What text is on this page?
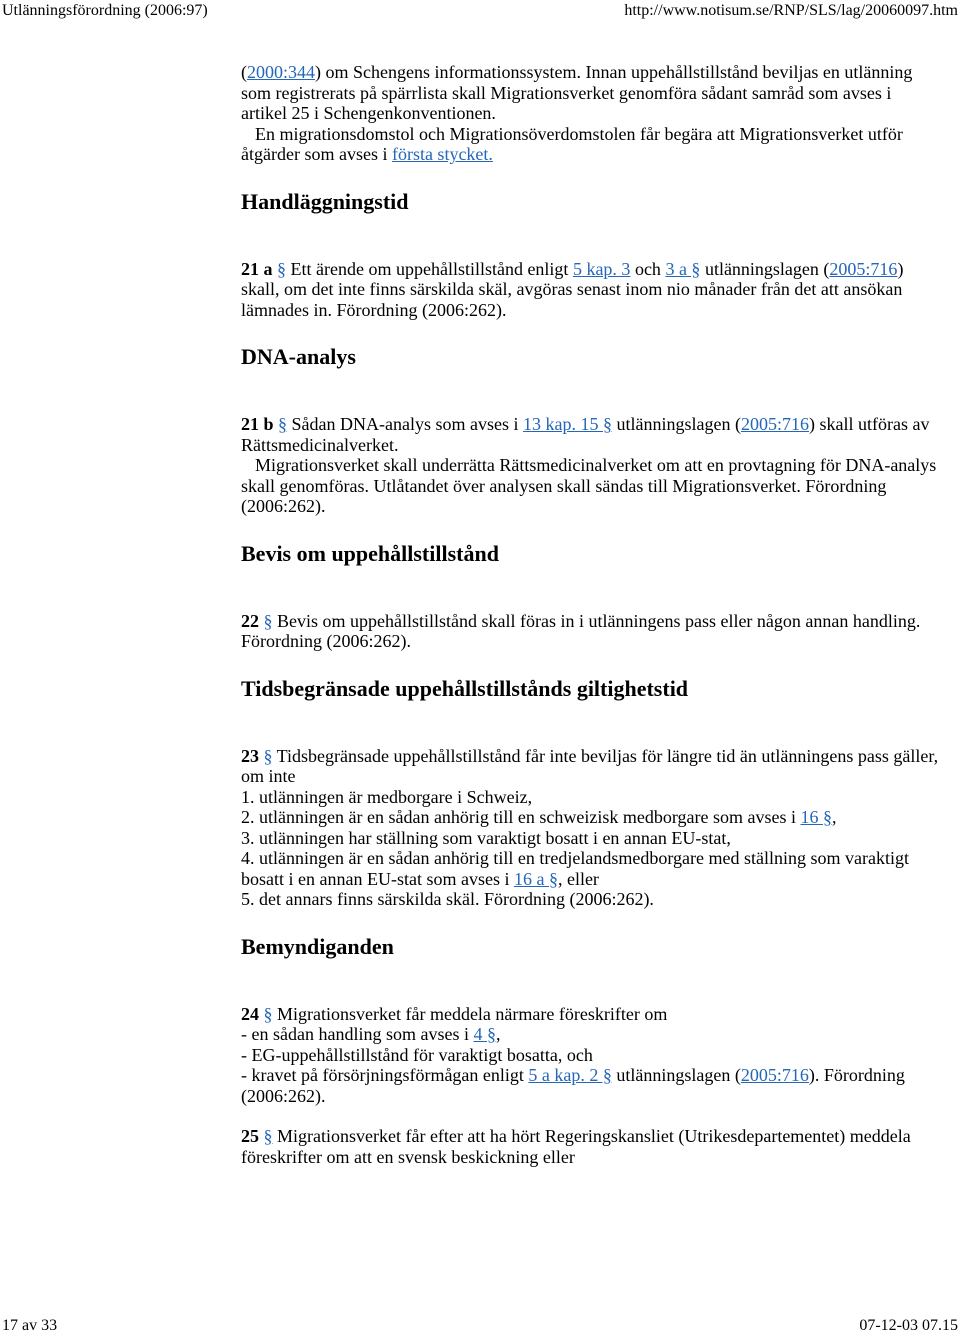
Utlänningsförordning (2006:97)	http://www.notisum.se/RNP/SLS/lag/20060097.htm

(2000:344) om Schengens informationssystem. Innan uppehållstillstånd beviljas en utlänning som registrerats på spärrlista skall Migrationsverket genomföra sådant samråd som avses i artikel 25 i Schengenkonventionen.

En migrationsdomstol och Migrationsöverdomstolen får begära att Migrationsverket utför åtgärder som avses i första stycket.

Handläggningstid

21 a § Ett ärende om uppehållstillstånd enligt 5 kap. 3 och 3 a § utlänningslagen (2005:716) skall, om det inte finns särskilda skäl, avgöras senast inom nio månader från det att ansökan lämnades in. Förordning (2006:262).

DNA-analys

21 b § Sådan DNA-analys som avses i 13 kap. 15 § utlänningslagen (2005:716) skall utföras av Rättsmedicinalverket.

Migrationsverket skall underrätta Rättsmedicinalverket om att en provtagning för DNA-analys skall genomföras. Utlåtandet över analysen skall sändas till Migrationsverket. Förordning (2006:262).

Bevis om uppehållstillstånd

22 § Bevis om uppehållstillstånd skall föras in i utlänningens pass eller någon annan handling. Förordning (2006:262).

Tidsbegränsade uppehållstillstånds giltighetstid

23 § Tidsbegränsade uppehållstillstånd får inte beviljas för längre tid än utlänningens pass gäller, om inte

1. utlänningen är medborgare i Schweiz,

2. utlänningen är en sådan anhörig till en schweizisk medborgare som avses i 16 §,

3. utlänningen har ställning som varaktigt bosatt i en annan EU-stat,

4. utlänningen är en sådan anhörig till en tredjelandsmedborgare med ställning som varaktigt bosatt i en annan EU-stat som avses i 16 a §, eller

5. det annars finns särskilda skäl. Förordning (2006:262).

Bemyndiganden

24 § Migrationsverket får meddela närmare föreskrifter om

- en sådan handling som avses i 4 §,

- EG-uppehållstillstånd för varaktigt bosatta, och

- kravet på försörjningsförmågan enligt 5 a kap. 2 § utlänningslagen (2005:716). Förordning (2006:262).

25 § Migrationsverket får efter att ha hört Regeringskansliet (Utrikesdepartementet) meddela föreskrifter om att en svensk beskickning eller

17 av 33	07-12-03 07.15
